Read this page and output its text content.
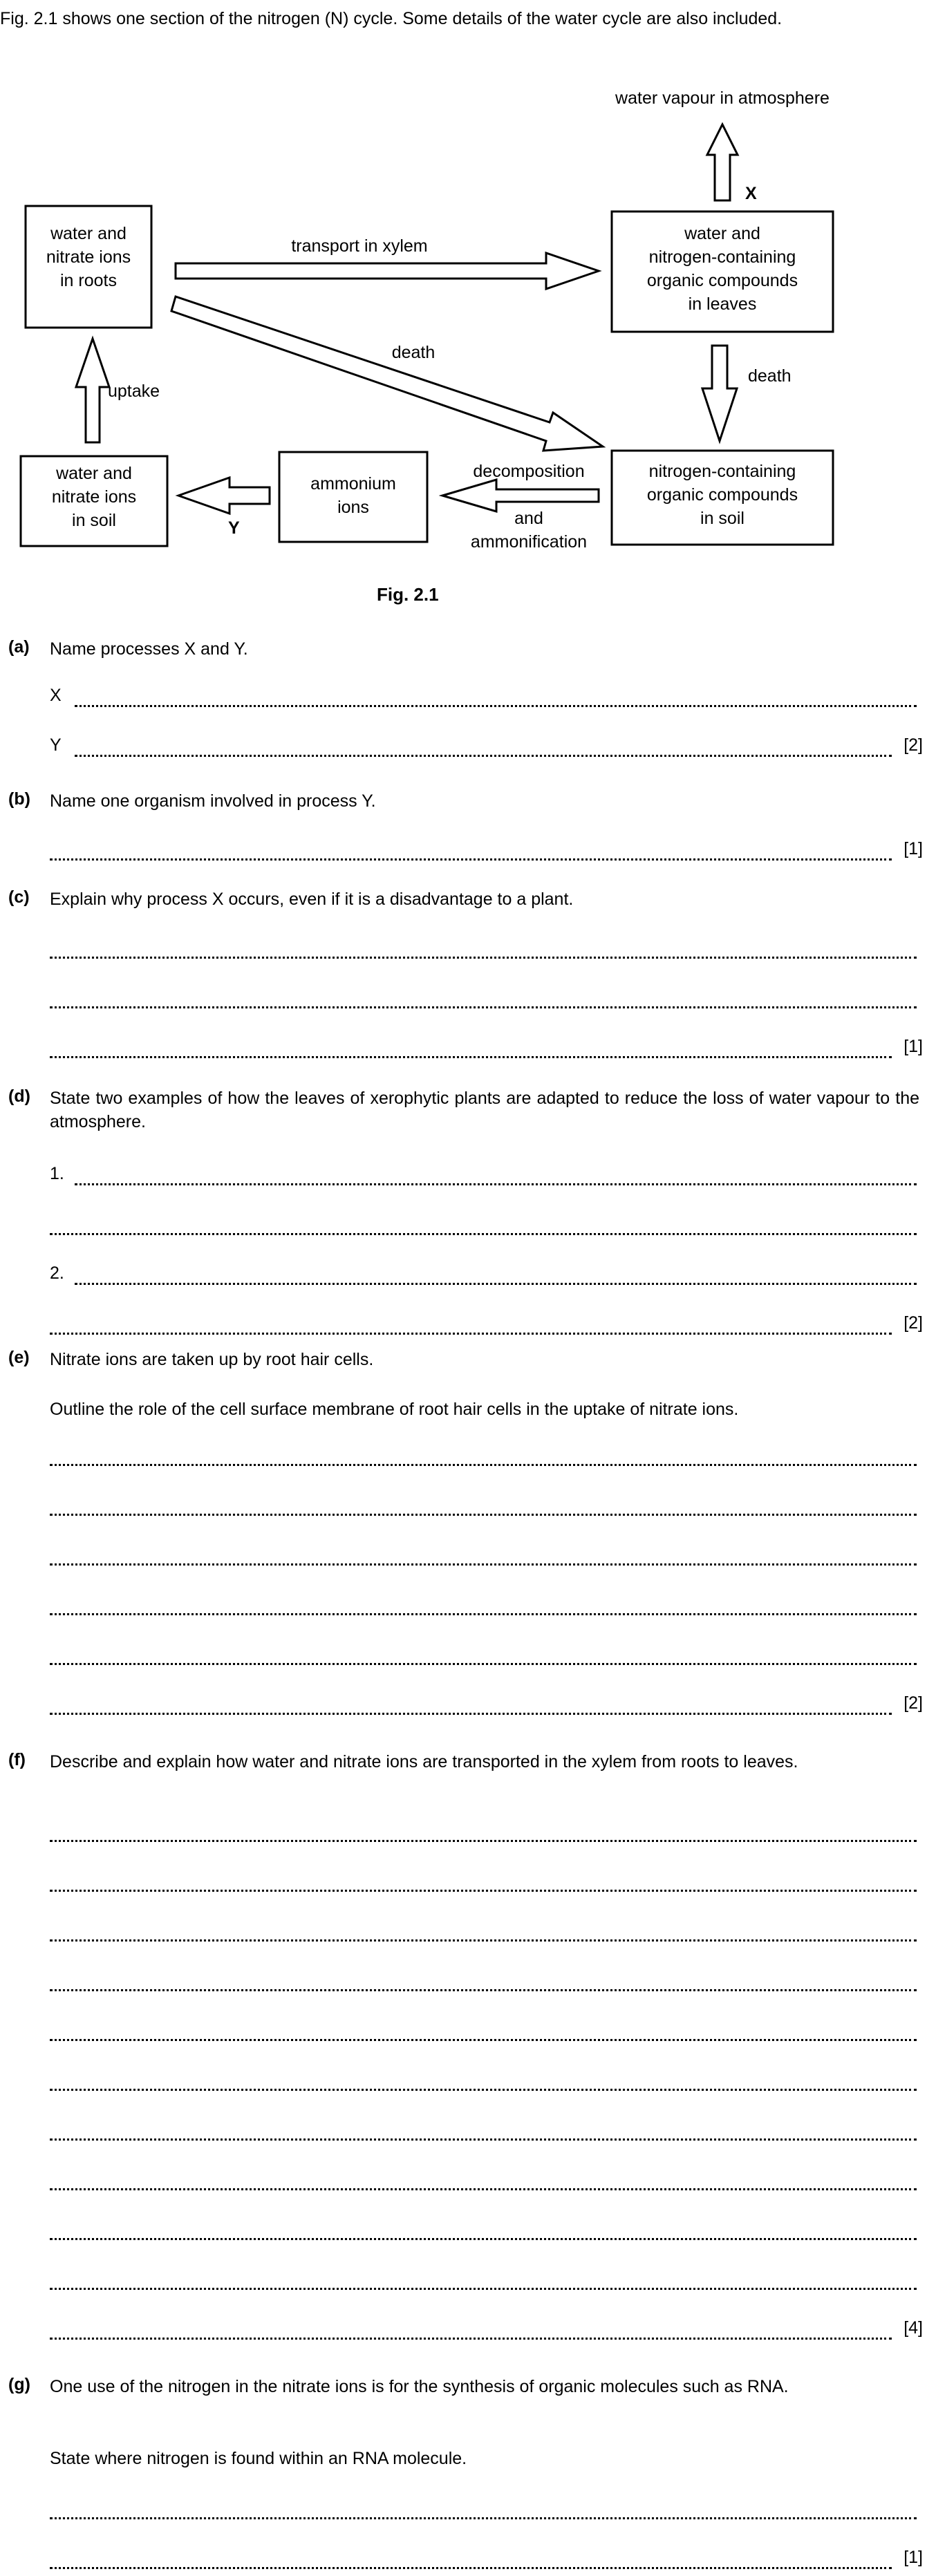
Fig. 2.1 shows one section of the nitrogen (N) cycle. Some details of the water cycle are also included.

water and
nitrate ions
in roots
water and
nitrogen-containing
organic compounds
in leaves
nitrogen-containing
organic compounds
in soil
ammonium
ions
water and
nitrate ions
in soil
water vapour in atmosphere
transport in xylem
death
decomposition
and
ammonification
death
uptake
X
Y
Fig. 2.1
(a) Name processes X and Y.

X
Y	[2]
(b) Name one organism involved in process Y.

[1]
(c) Explain why process X occurs, even if it is a disadvantage to a plant.

[1]
(d) State two examples of how the leaves of xerophytic plants are adapted to reduce the loss of water vapour to the atmosphere.

1.
2.
[2]
(e) Nitrate ions are taken up by root hair cells.

Outline the role of the cell surface membrane of root hair cells in the uptake of nitrate ions.

[2]
(f) Describe and explain how water and nitrate ions are transported in the xylem from roots to leaves.

[4]
(g) One use of the nitrogen in the nitrate ions is for the synthesis of organic molecules such as RNA.

State where nitrogen is found within an RNA molecule.

[1]
